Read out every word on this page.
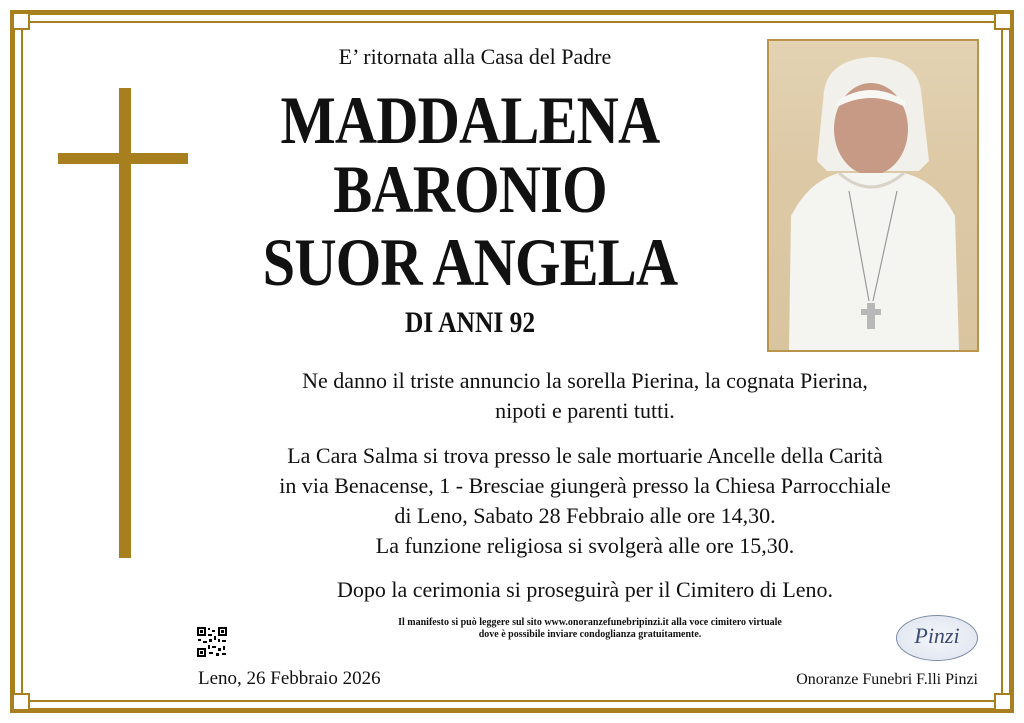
E’ ritornata alla Casa del Padre
MADDALENA
BARONIO
SUOR ANGELA
DI ANNI 92
Ne danno il triste annuncio la sorella Pierina, la cognata Pierina,
nipoti e parenti tutti.
La Cara Salma si trova presso le sale mortuarie Ancelle della Carità
in via Benacense, 1 - Bresciae giungerà presso la Chiesa Parrocchiale
di Leno, Sabato 28 Febbraio alle ore 14,30.
La funzione religiosa si svolgerà alle ore 15,30.
Dopo la cerimonia si proseguirà per il Cimitero di Leno.
Il manifesto si può leggere sul sito www.onoranzefunebripinzi.it alla voce cimitero virtuale
dove è possibile inviare condoglianza gratuitamente.
Leno, 26 Febbraio 2026
Pinzi
Onoranze Funebri F.lli Pinzi
